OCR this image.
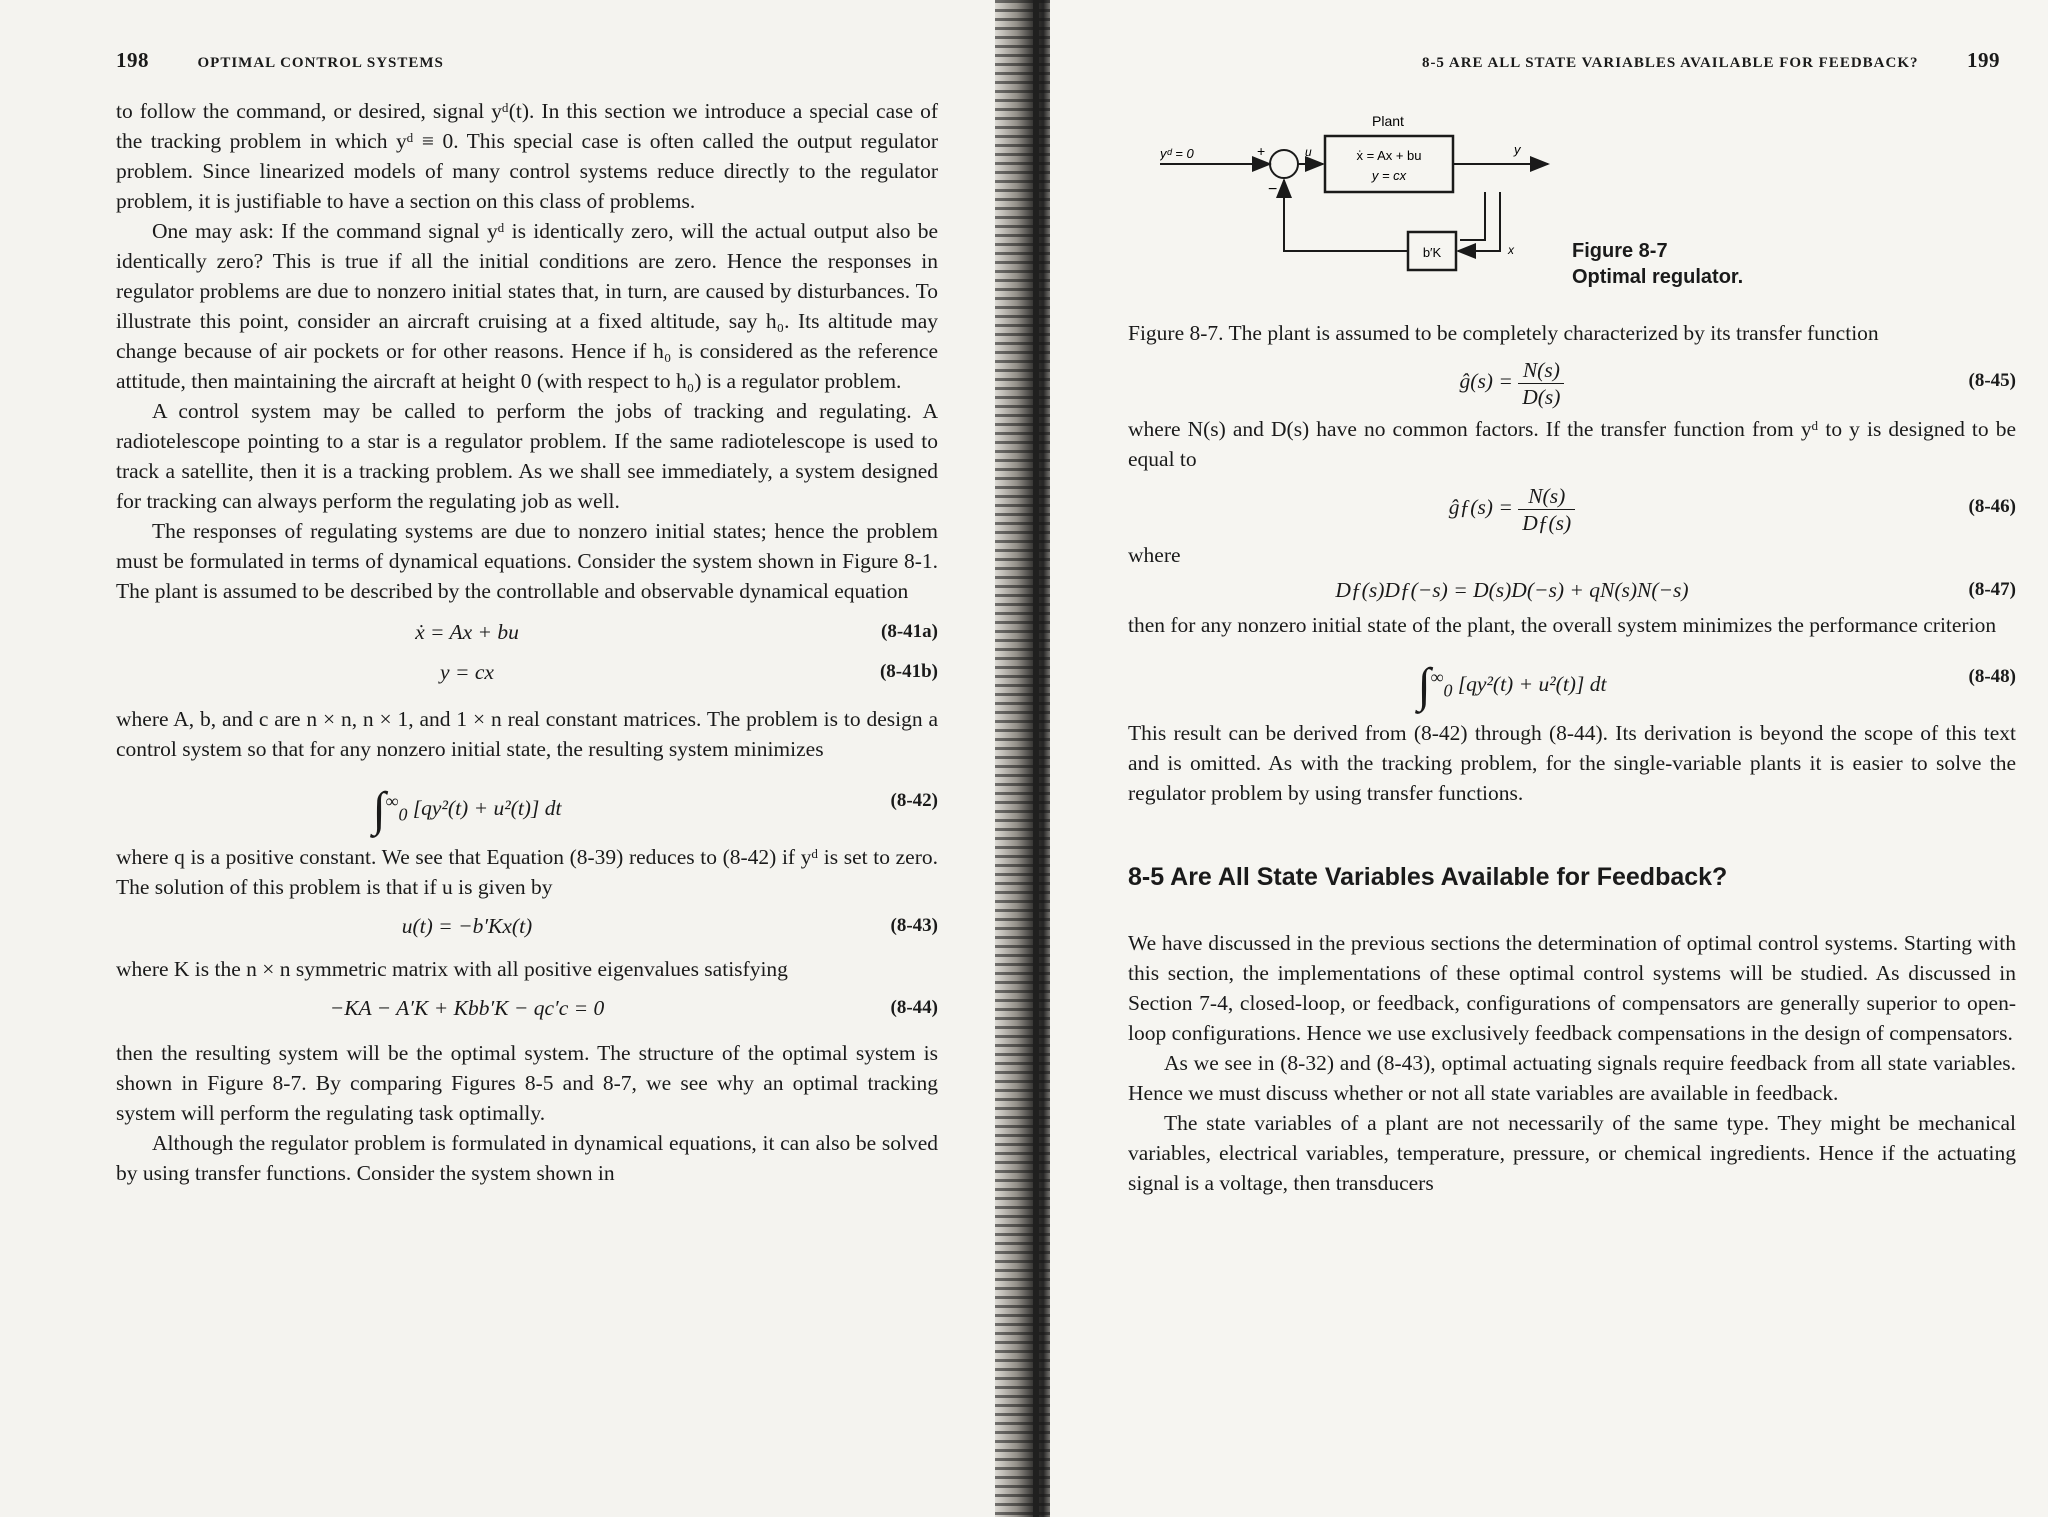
198	OPTIMAL CONTROL SYSTEMS

to follow the command, or desired, signal yᵈ(t). In this section we introduce a special case of the tracking problem in which yᵈ ≡ 0. This special case is often called the output regulator problem. Since linearized models of many control systems reduce directly to the regulator problem, it is justifiable to have a section on this class of problems.

One may ask: If the command signal yᵈ is identically zero, will the actual output also be identically zero? This is true if all the initial conditions are zero. Hence the responses in regulator problems are due to nonzero initial states that, in turn, are caused by disturbances. To illustrate this point, consider an aircraft cruising at a fixed altitude, say h₀. Its altitude may change because of air pockets or for other reasons. Hence if h₀ is considered as the reference attitude, then maintaining the aircraft at height 0 (with respect to h₀) is a regulator problem.

A control system may be called to perform the jobs of tracking and regulating. A radiotelescope pointing to a star is a regulator problem. If the same radiotelescope is used to track a satellite, then it is a tracking problem. As we shall see immediately, a system designed for tracking can always perform the regulating job as well.

The responses of regulating systems are due to nonzero initial states; hence the problem must be formulated in terms of dynamical equations. Consider the system shown in Figure 8-1. The plant is assumed to be described by the controllable and observable dynamical equation

ẋ = Ax + bu	(8-41a)
y = cx	(8-41b)

where A, b, and c are n × n, n × 1, and 1 × n real constant matrices. The problem is to design a control system so that for any nonzero initial state, the resulting system minimizes

$\int^\infty_0$ [qy²(t) + u²(t)] dt	(8-42)

where q is a positive constant. We see that Equation (8-39) reduces to (8-42) if yᵈ is set to zero. The solution of this problem is that if u is given by

u(t) = −b′Kx(t)	(8-43)

where K is the n × n symmetric matrix with all positive eigenvalues satisfying

−KA − A′K + Kbb′K − qc′c = 0	(8-44)

then the resulting system will be the optimal system. The structure of the optimal system is shown in Figure 8-7. By comparing Figures 8-5 and 8-7, we see why an optimal tracking system will perform the regulating task optimally.

Although the regulator problem is formulated in dynamical equations, it can also be solved by using transfer functions. Consider the system shown in

8-5 ARE ALL STATE VARIABLES AVAILABLE FOR FEEDBACK? 199
Plant
ẋ = Ax + bu
y = cx
yᵈ = 0	+
−
u	y
b′K	x	Figure 8-7
Optimal regulator.

Figure 8-7. The plant is assumed to be completely characterized by its transfer function

ĝ(s) = $\frac{N(s)}{D(s)}$	(8-45)

where N(s) and D(s) have no common factors. If the transfer function from yᵈ to y is designed to be equal to

ĝƒ(s) = $\frac{N(s)}{Dƒ(s)}$	(8-46)

where

Dƒ(s)Dƒ(−s) = D(s)D(−s) + qN(s)N(−s)	(8-47)

then for any nonzero initial state of the plant, the overall system minimizes the performance criterion

$\int^\infty_0$ [qy²(t) + u²(t)] dt	(8-48)

This result can be derived from (8-42) through (8-44). Its derivation is beyond the scope of this text and is omitted. As with the tracking problem, for the single-variable plants it is easier to solve the regulator problem by using transfer functions.

8-5 Are All State Variables Available for Feedback?

We have discussed in the previous sections the determination of optimal control systems. Starting with this section, the implementations of these optimal control systems will be studied. As discussed in Section 7-4, closed-loop, or feedback, configurations of compensators are generally superior to open-loop configurations. Hence we use exclusively feedback compensations in the design of compensators.

As we see in (8-32) and (8-43), optimal actuating signals require feedback from all state variables. Hence we must discuss whether or not all state variables are available in feedback.

The state variables of a plant are not necessarily of the same type. They might be mechanical variables, electrical variables, temperature, pressure, or chemical ingredients. Hence if the actuating signal is a voltage, then transducers
